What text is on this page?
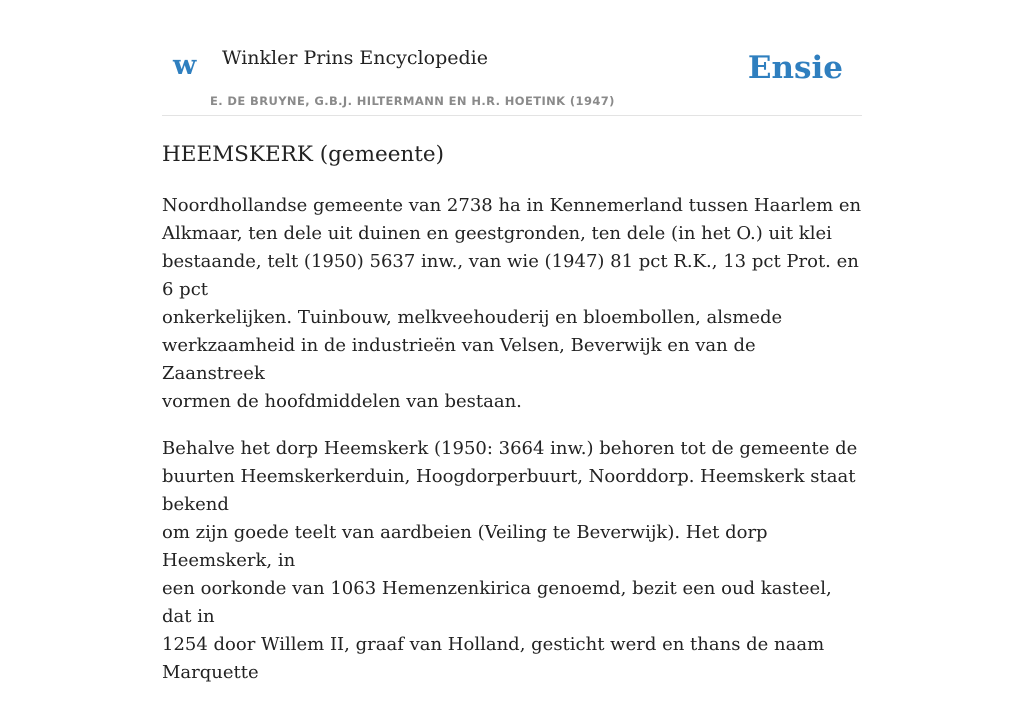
w Winkler Prins Encyclopedie
E. DE BRUYNE, G.B.J. HILTERMANN EN H.R. HOETINK (1947)
Ensie
HEEMSKERK (gemeente)

Noordhollandse gemeente van 2738 ha in Kennemerland tussen Haarlem en
Alkmaar, ten dele uit duinen en geestgronden, ten dele (in het O.) uit klei
bestaande, telt (1950) 5637 inw., van wie (1947) 81 pct R.K., 13 pct Prot. en 6 pct
onkerkelijken. Tuinbouw, melkveehouderij en bloembollen, alsmede
werkzaamheid in de industrieën van Velsen, Beverwijk en van de Zaanstreek
vormen de hoofdmiddelen van bestaan.

Behalve het dorp Heemskerk (1950: 3664 inw.) behoren tot de gemeente de
buurten Heemskerkerduin, Hoogdorperbuurt, Noorddorp. Heemskerk staat bekend
om zijn goede teelt van aardbeien (Veiling te Beverwijk). Het dorp Heemskerk, in
een oorkonde van 1063 Hemenzenkirica genoemd, bezit een oud kasteel, dat in
1254 door Willem II, graaf van Holland, gesticht werd en thans de naam Marquette
